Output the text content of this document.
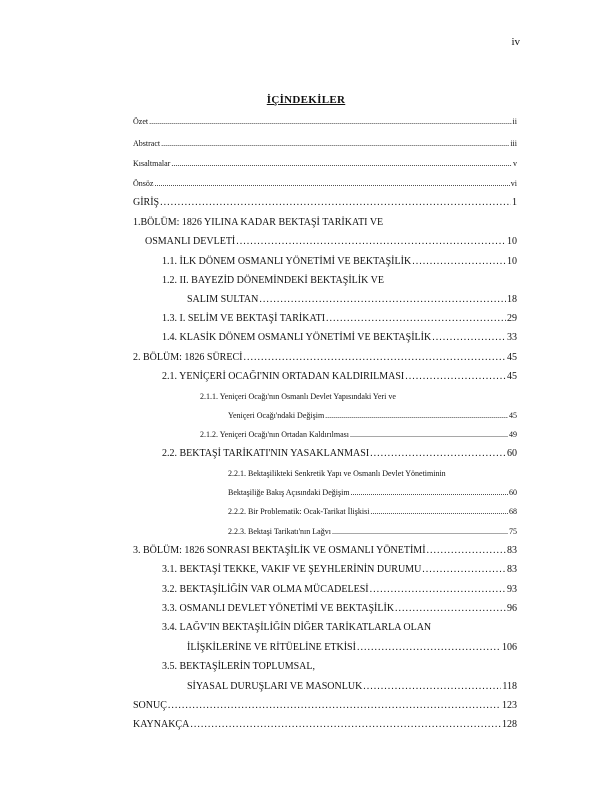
iv
İÇİNDEKİLER
Özet .....	ii
Abstract .....	iii
Kısaltmalar .....	v
Önsöz .....	vi
GİRİŞ .....	1
1.BÖLÜM: 1826 YILINA KADAR BEKTAŞİ TARİKATI VE
OSMANLI DEVLETİ .....	10
1.1. İLK DÖNEM OSMANLI YÖNETİMİ VE BEKTAŞİLİK .....	10
1.2. II. BAYEZİD DÖNEMİNDEKİ BEKTAŞİLİK VE
SALIM SULTAN .....	18
1.3. I. SELİM VE BEKTAŞİ TARİKATI .....	29
1.4. KLASİK DÖNEM OSMANLI YÖNETİMİ VE BEKTAŞİLİK .....	33
2. BÖLÜM: 1826 SÜRECİ .....	45
2.1. YENİÇERİ OCAĞI'NIN ORTADAN KALDIRILMASI .....	45
2.1.1. Yeniçeri Ocağı'nın Osmanlı Devlet Yapısındaki Yeri ve
Yeniçeri Ocağı'ndaki Değişim .....	45
2.1.2. Yeniçeri Ocağı'nın Ortadan Kaldırılması .....	49
2.2. BEKTAŞİ TARİKATI'NIN YASAKLANMASI .....	60
2.2.1. Bektaşilikteki Senkretik Yapı ve Osmanlı Devlet Yönetiminin
Bektaşiliğe Bakış Açısındaki Değişim .....	60
2.2.2. Bir Problematik: Ocak-Tarikat İlişkisi .....	68
2.2.3. Bektaşi Tarikatı'nın Lağvı .....	75
3. BÖLÜM: 1826 SONRASI BEKTAŞİLİK VE OSMANLI YÖNETİMİ .....	83
3.1. BEKTAŞİ TEKKE, VAKIF VE ŞEYHLERİNİN DURUMU .....	83
3.2. BEKTAŞİLİĞİN VAR OLMA MÜCADELESİ .....	93
3.3. OSMANLI DEVLET YÖNETİMİ VE BEKTAŞİLİK .....	96
3.4. LAĞV'IN BEKTAŞİLİĞİN DİĞER TARİKATLARLA OLAN
İLİŞKİLERİNE VE RİTÜELİNE ETKİSİ .....	106
3.5. BEKTAŞİLERİN TOPLUMSAL,
SİYASAL DURUŞLARI VE MASONLUK .....	118
SONUÇ .....	123
KAYNAKÇA .....	128
